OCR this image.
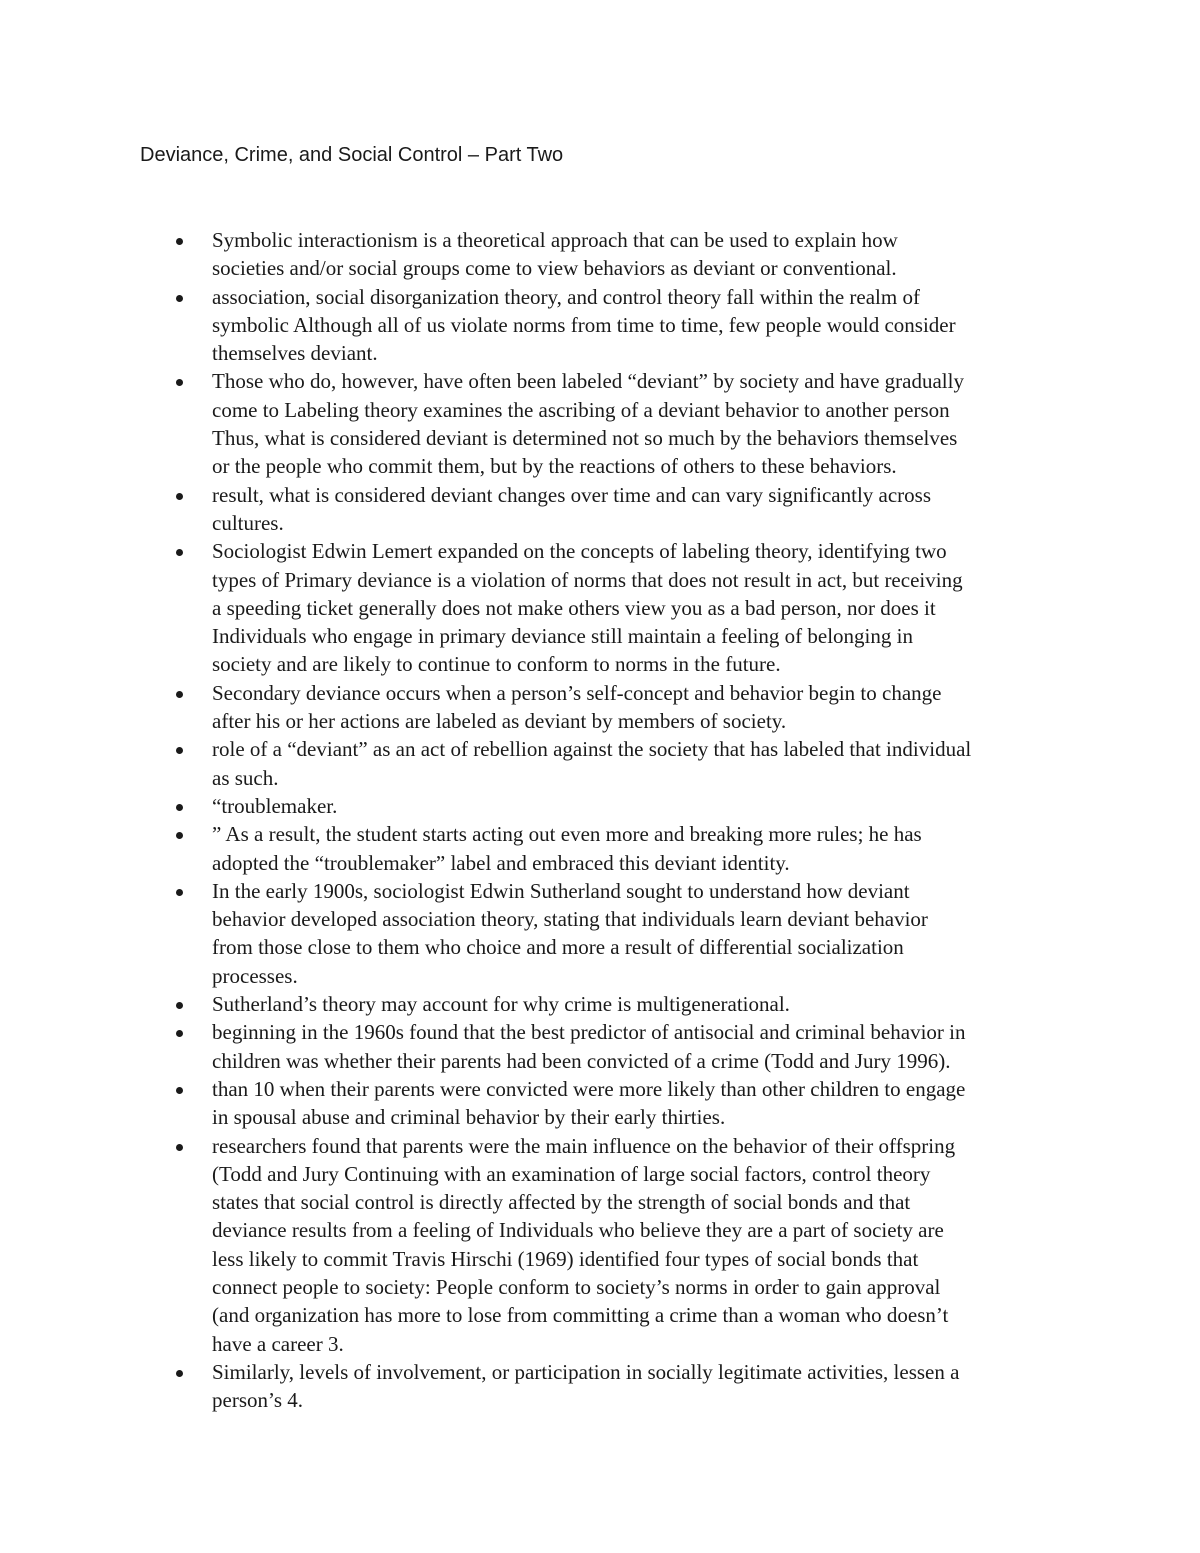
Deviance, Crime, and Social Control – Part Two
Symbolic interactionism is a theoretical approach that can be used to explain how
societies and/or social groups come to view behaviors as deviant or conventional.
association, social disorganization theory, and control theory fall within the realm of
symbolic Although all of us violate norms from time to time, few people would consider
themselves deviant.
Those who do, however, have often been labeled “deviant” by society and have gradually
come to Labeling theory examines the ascribing of a deviant behavior to another person
Thus, what is considered deviant is determined not so much by the behaviors themselves
or the people who commit them, but by the reactions of others to these behaviors.
result, what is considered deviant changes over time and can vary significantly across
cultures.
Sociologist Edwin Lemert expanded on the concepts of labeling theory, identifying two
types of Primary deviance is a violation of norms that does not result in act, but receiving
a speeding ticket generally does not make others view you as a bad person, nor does it
Individuals who engage in primary deviance still maintain a feeling of belonging in
society and are likely to continue to conform to norms in the future.
Secondary deviance occurs when a person’s self-concept and behavior begin to change
after his or her actions are labeled as deviant by members of society.
role of a “deviant” as an act of rebellion against the society that has labeled that individual
as such.
“troublemaker.
” As a result, the student starts acting out even more and breaking more rules; he has
adopted the “troublemaker” label and embraced this deviant identity.
In the early 1900s, sociologist Edwin Sutherland sought to understand how deviant
behavior developed association theory, stating that individuals learn deviant behavior
from those close to them who choice and more a result of differential socialization
processes.
Sutherland’s theory may account for why crime is multigenerational.
beginning in the 1960s found that the best predictor of antisocial and criminal behavior in
children was whether their parents had been convicted of a crime (Todd and Jury 1996).
than 10 when their parents were convicted were more likely than other children to engage
in spousal abuse and criminal behavior by their early thirties.
researchers found that parents were the main influence on the behavior of their offspring
(Todd and Jury Continuing with an examination of large social factors, control theory
states that social control is directly affected by the strength of social bonds and that
deviance results from a feeling of Individuals who believe they are a part of society are
less likely to commit Travis Hirschi (1969) identified four types of social bonds that
connect people to society: People conform to society’s norms in order to gain approval
(and organization has more to lose from committing a crime than a woman who doesn’t
have a career 3.
Similarly, levels of involvement, or participation in socially legitimate activities, lessen a
person’s 4.
